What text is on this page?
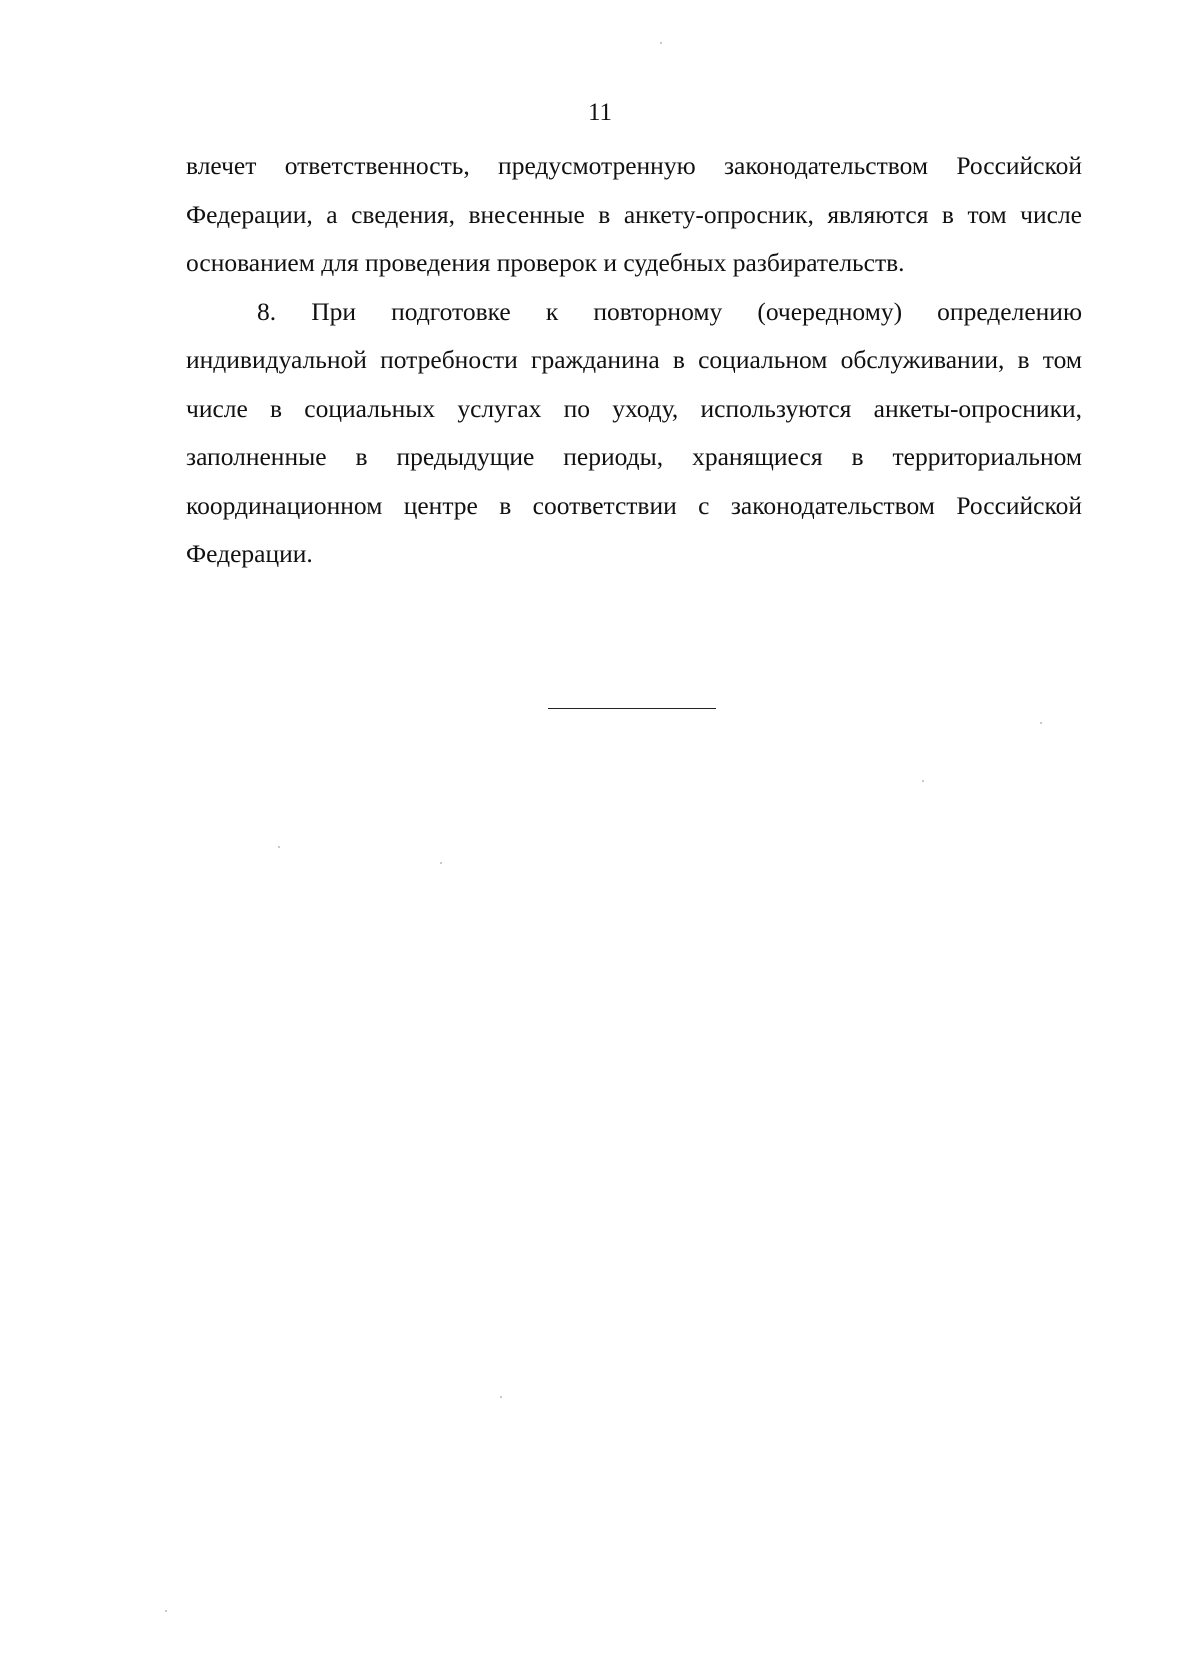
11

влечет ответственность, предусмотренную законодательством Российской Федерации, а сведения, внесенные в анкету-опросник, являются в том числе основанием для проведения проверок и судебных разбирательств.

8. При подготовке к повторному (очередному) определению индивидуальной потребности гражданина в социальном обслуживании, в том числе в социальных услугах по уходу, используются анкеты-опросники, заполненные в предыдущие периоды, хранящиеся в территориальном координационном центре в соответствии с законодательством Российской Федерации.
